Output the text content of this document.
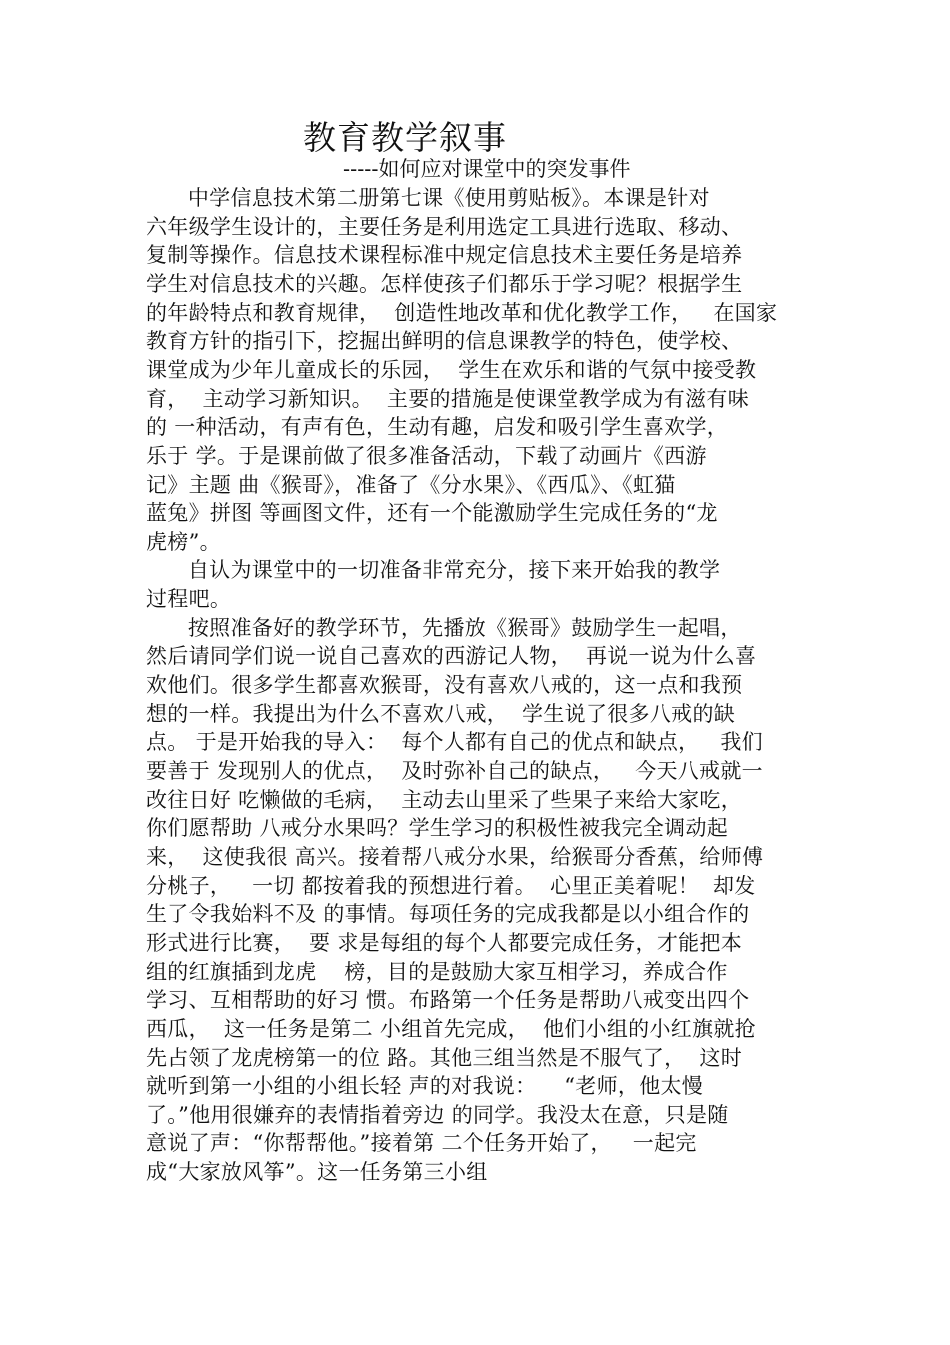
教育教学叙事
-----如何应对课堂中的突发事件
中学信息技术第二册第七课《使用剪贴板》。本课是针对
六年级学生设计的，主要任务是利用选定工具进行选取、移动、
复制等操作。信息技术课程标准中规定信息技术主要任务是培养
学生对信息技术的兴趣。怎样使孩子们都乐于学习呢？根据学生
的年龄特点和教育规律，  创造性地改革和优化教学工作，   在国家
教育方针的指引下，挖掘出鲜明的信息课教学的特色，使学校、
课堂成为少年儿童成长的乐园，  学生在欢乐和谐的气氛中接受教
育，  主动学习新知识。  主要的措施是使课堂教学成为有滋有味
的 一种活动，有声有色，生动有趣，启发和吸引学生喜欢学，
乐于 学。于是课前做了很多准备活动，下载了动画片《西游
记》主题 曲《猴哥》，准备了《分水果》、《西瓜》、《虹猫
蓝兔》拼图 等画图文件，还有一个能激励学生完成任务的“龙
虎榜”。
自认为课堂中的一切准备非常充分，接下来开始我的教学
过程吧。
按照准备好的教学环节，先播放《猴哥》鼓励学生一起唱，
然后请同学们说一说自己喜欢的西游记人物，  再说一说为什么喜
欢他们。很多学生都喜欢猴哥，没有喜欢八戒的，这一点和我预
想的一样。我提出为什么不喜欢八戒，  学生说了很多八戒的缺
点。 于是开始我的导入：  每个人都有自己的优点和缺点，   我们
要善于 发现别人的优点，  及时弥补自己的缺点，   今天八戒就一
改往日好 吃懒做的毛病，  主动去山里采了些果子来给大家吃，
你们愿帮助 八戒分水果吗？学生学习的积极性被我完全调动起
来，  这使我很 高兴。接着帮八戒分水果，给猴哥分香蕉，给师傅
分桃子，   一切 都按着我的预想进行着。  心里正美着呢！  却发
生了令我始料不及 的事情。每项任务的完成我都是以小组合作的
形式进行比赛，  要 求是每组的每个人都要完成任务，才能把本
组的红旗插到龙虎    榜，目的是鼓励大家互相学习，养成合作
学习、互相帮助的好习 惯。布路第一个任务是帮助八戒变出四个
西瓜，  这一任务是第二 小组首先完成，  他们小组的小红旗就抢
先占领了龙虎榜第一的位 路。其他三组当然是不服气了，  这时
就听到第一小组的小组长轻 声的对我说：    “老师，他太慢
了。”他用很嫌弃的表情指着旁边 的同学。我没太在意，只是随
意说了声：“你帮帮他。”接着第 二个任务开始了，   一起完
成“大家放风筝”。这一任务第三小组
